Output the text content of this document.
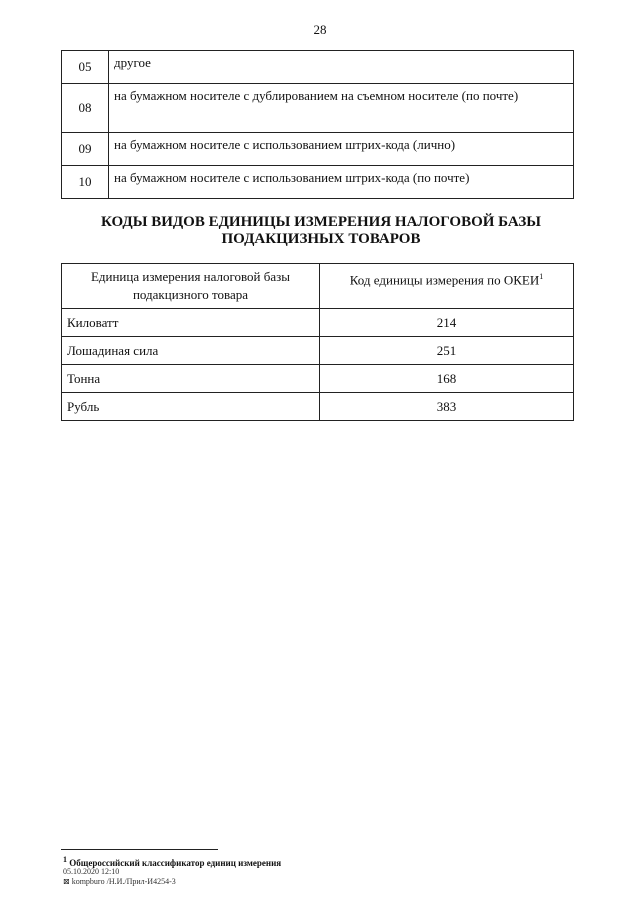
28
05	другое
08	на бумажном носителе с дублированием на съемном носителе (по почте)
09	на бумажном носителе с использованием штрих-кода (лично)
10	на бумажном носителе с использованием штрих-кода (по почте)
КОДЫ ВИДОВ ЕДИНИЦЫ ИЗМЕРЕНИЯ НАЛОГОВОЙ БАЗЫ
ПОДАКЦИЗНЫХ ТОВАРОВ
Единица измерения налоговой базы подакцизного товара	Код единицы измерения по ОКЕИ$^1$
Киловатт	214
Лошадиная сила	251
Тонна	168
Рубль	383
$^1$ Общероссийский классификатор единиц измерения
05.10.2020 12:10
⊠ kompburo /Н.И./Прил-И4254-3
